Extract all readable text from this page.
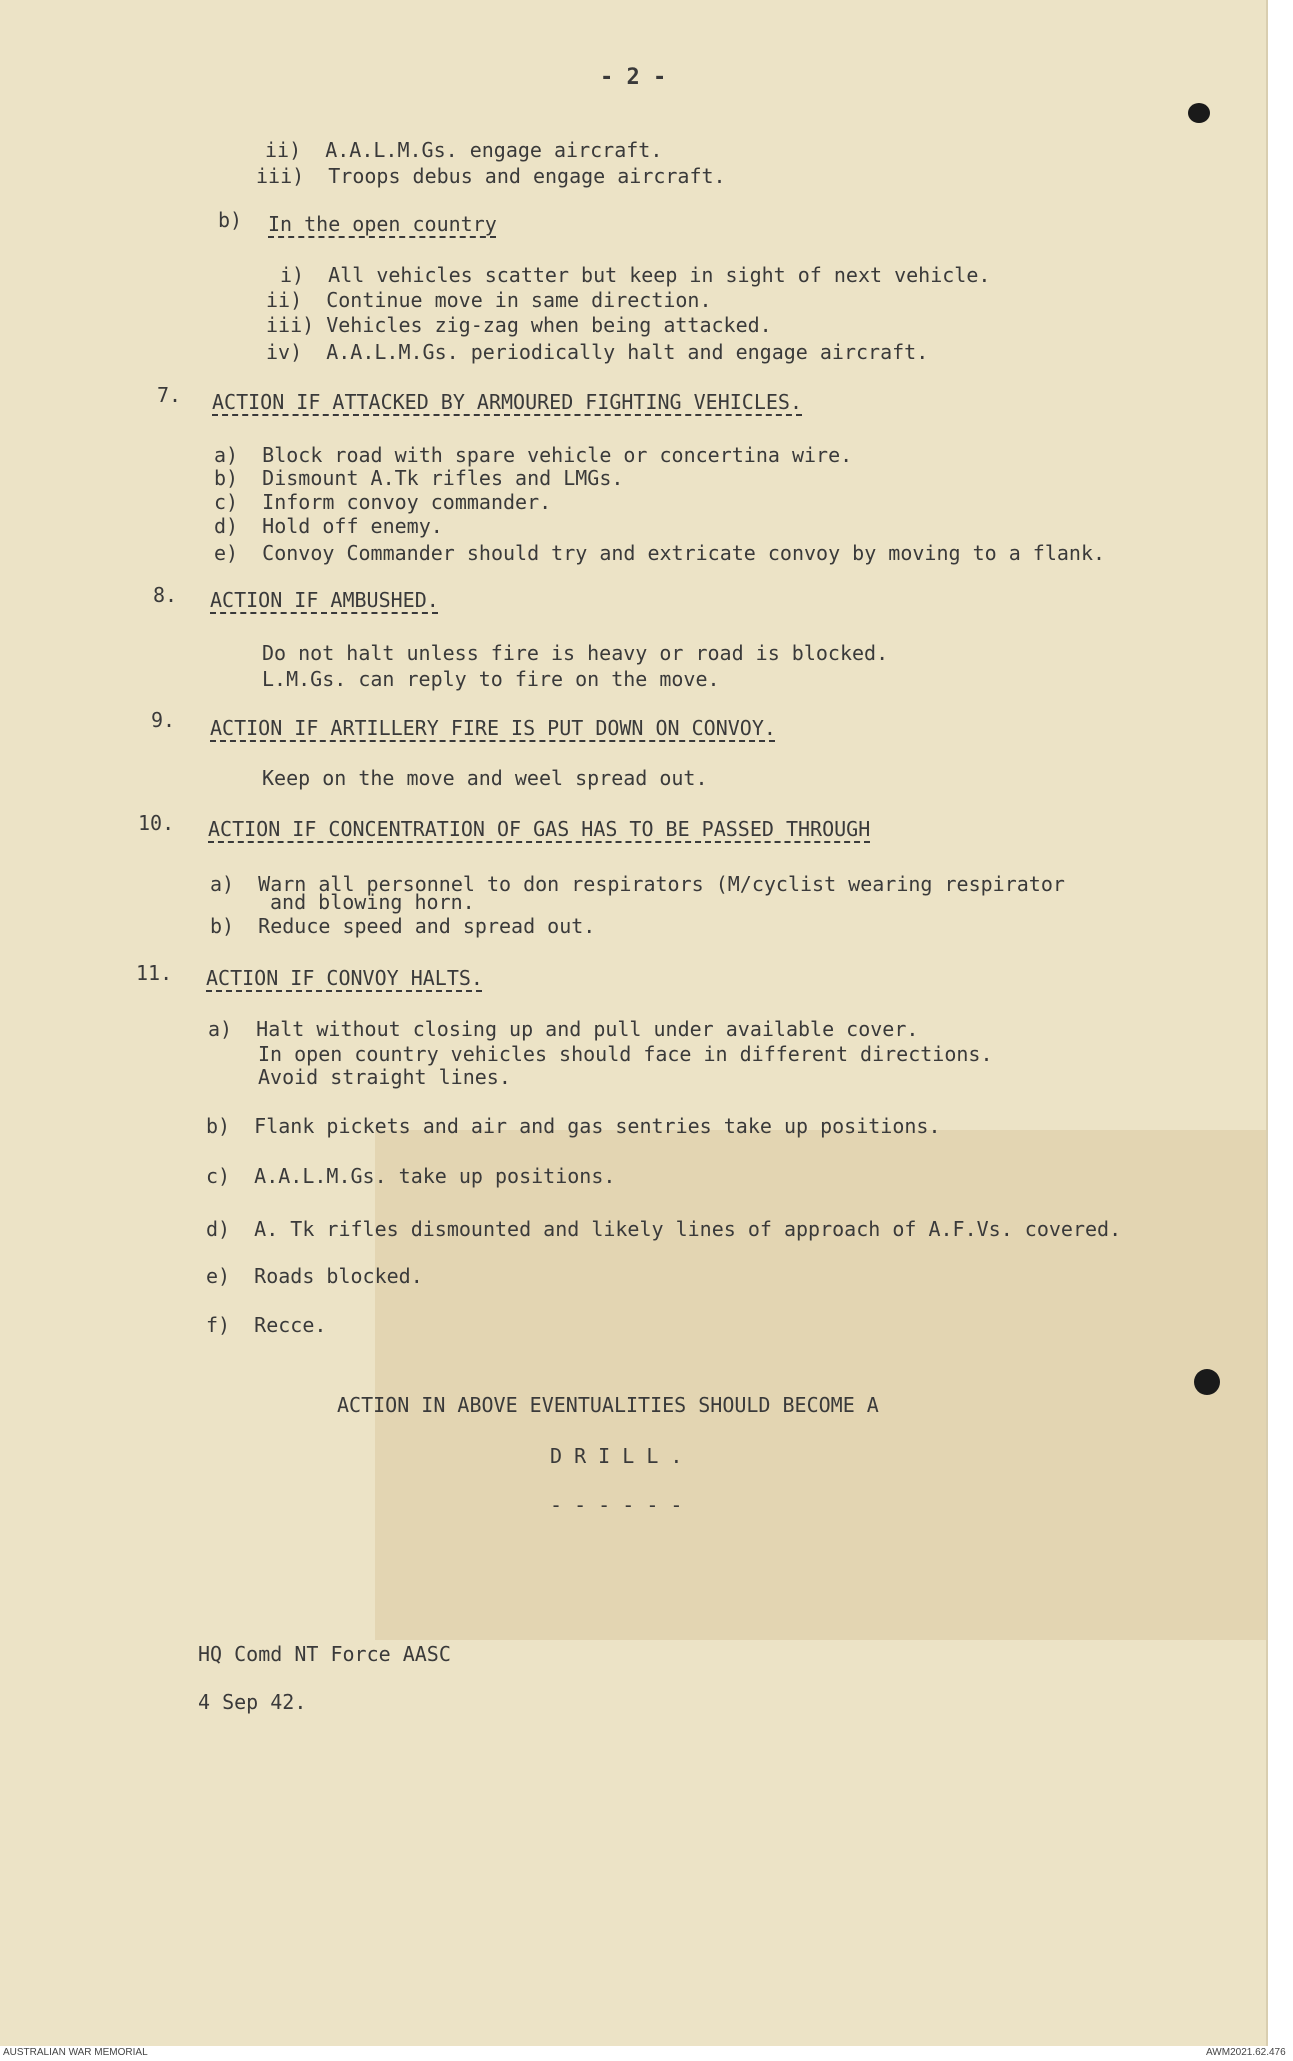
- 2 -
ii)  A.A.L.M.Gs. engage aircraft.
iii)  Troops debus and engage aircraft.
b) In the open country
i)  All vehicles scatter but keep in sight of next vehicle.
ii)  Continue move in same direction.
iii) Vehicles zig-zag when being attacked.
iv)  A.A.L.M.Gs. periodically halt and engage aircraft.
7. ACTION IF ATTACKED BY ARMOURED FIGHTING VEHICLES.
a)  Block road with spare vehicle or concertina wire.
b)  Dismount A.Tk rifles and LMGs.
c)  Inform convoy commander.
d)  Hold off enemy.
e)  Convoy Commander should try and extricate convoy by moving to a flank.
8. ACTION IF AMBUSHED.
Do not halt unless fire is heavy or road is blocked.
L.M.Gs. can reply to fire on the move.
9. ACTION IF ARTILLERY FIRE IS PUT DOWN ON CONVOY.
Keep on the move and weel spread out.
10. ACTION IF CONCENTRATION OF GAS HAS TO BE PASSED THROUGH
a)  Warn all personnel to don respirators (M/cyclist wearing respirator
and blowing horn.
b)  Reduce speed and spread out.
11. ACTION IF CONVOY HALTS.
a)  Halt without closing up and pull under available cover.
In open country vehicles should face in different directions.
Avoid straight lines.
b)  Flank pickets and air and gas sentries take up positions.
c)  A.A.L.M.Gs. take up positions.
d)  A. Tk rifles dismounted and likely lines of approach of A.F.Vs. covered.
e)  Roads blocked.
f)  Recce.
ACTION IN ABOVE EVENTUALITIES SHOULD BECOME A
D R I L L .
- - - - - -
HQ Comd NT Force AASC
4 Sep 42.
AUSTRALIAN WAR MEMORIAL	AWM2021.62.476
